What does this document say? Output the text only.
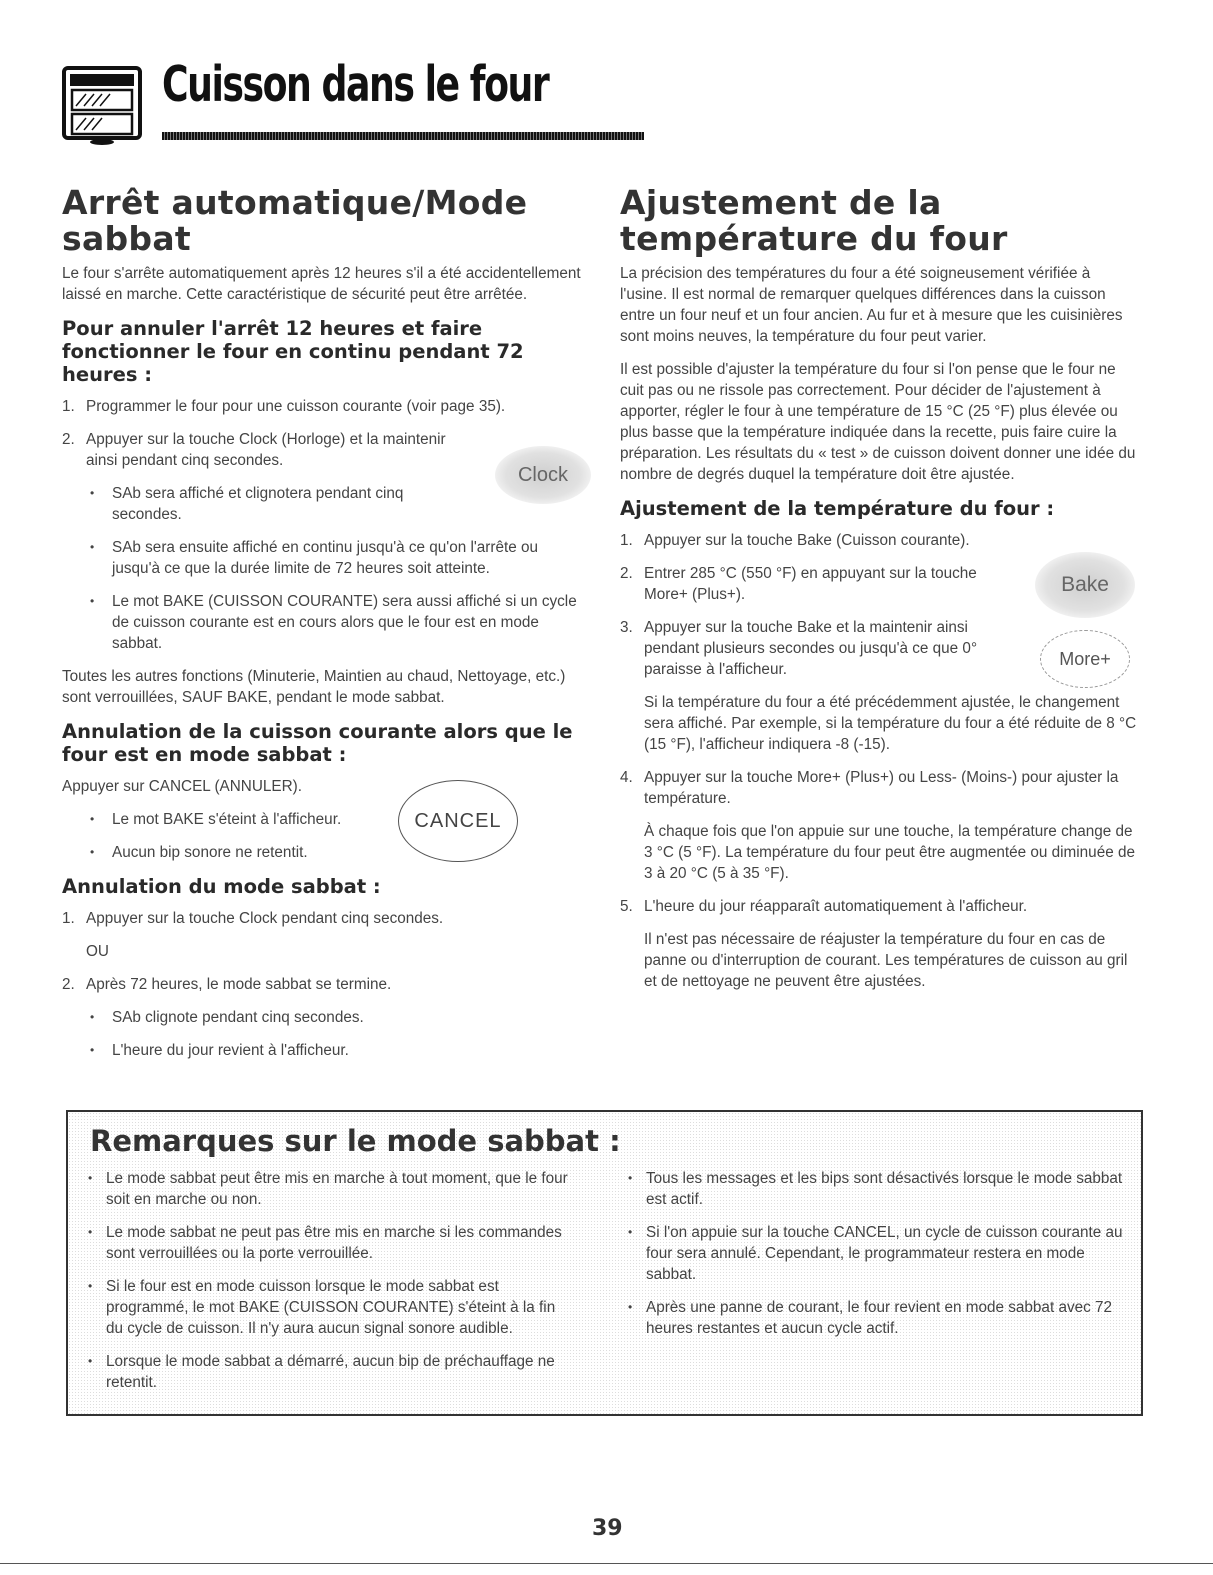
Cuisson dans le four
Arrêt automatique/Mode sabbat

Le four s'arrête automatiquement après 12 heures s'il a été accidentellement laissé en marche. Cette caractéristique de sécurité peut être arrêtée.

Pour annuler l'arrêt 12 heures et faire fonctionner le four en continu pendant 72 heures :
1. Programmer le four pour une cuisson courante (voir page 35).
2. Appuyer sur la touche Clock (Horloge) et la maintenir ainsi pendant cinq secondes.
• SAb sera affiché et clignotera pendant cinq secondes.
• SAb sera ensuite affiché en continu jusqu'à ce qu'on l'arrête ou jusqu'à ce que la durée limite de 72 heures soit atteinte.
• Le mot BAKE (CUISSON COURANTE) sera aussi affiché si un cycle de cuisson courante est en cours alors que le four est en mode sabbat.

Toutes les autres fonctions (Minuterie, Maintien au chaud, Nettoyage, etc.) sont verrouillées, SAUF BAKE, pendant le mode sabbat.

Annulation de la cuisson courante alors que le four est en mode sabbat :

Appuyer sur CANCEL (ANNULER).

• Le mot BAKE s'éteint à l'afficheur.
• Aucun bip sonore ne retentit.
Annulation du mode sabbat :
1. Appuyer sur la touche Clock pendant cinq secondes.

OU

2. Après 72 heures, le mode sabbat se termine.
• SAb clignote pendant cinq secondes.
• L'heure du jour revient à l'afficheur.
Ajustement de la température du four

La précision des températures du four a été soigneusement vérifiée à l'usine. Il est normal de remarquer quelques différences dans la cuisson entre un four neuf et un four ancien. Au fur et à mesure que les cuisinières sont moins neuves, la température du four peut varier.

Il est possible d'ajuster la température du four si l'on pense que le four ne cuit pas ou ne rissole pas correctement. Pour décider de l'ajustement à apporter, régler le four à une température de 15 °C (25 °F) plus élevée ou plus basse que la température indiquée dans la recette, puis faire cuire la préparation. Les résultats du « test » de cuisson doivent donner une idée du nombre de degrés duquel la température doit être ajustée.

Ajustement de la température du four :
1. Appuyer sur la touche Bake (Cuisson courante).
2. Entrer 285 °C (550 °F) en appuyant sur la touche More+ (Plus+).
3. Appuyer sur la touche Bake et la maintenir ainsi pendant plusieurs secondes ou jusqu'à ce que 0° paraisse à l'afficheur.

Si la température du four a été précédemment ajustée, le changement sera affiché. Par exemple, si la température du four a été réduite de 8 °C (15 °F), l'afficheur indiquera -8 (-15).

4. Appuyer sur la touche More+ (Plus+) ou Less- (Moins-) pour ajuster la température.

À chaque fois que l'on appuie sur une touche, la température change de 3 °C (5 °F). La température du four peut être augmentée ou diminuée de 3 à 20 °C (5 à 35 °F).

5. L'heure du jour réapparaît automatiquement à l'afficheur.

Il n'est pas nécessaire de réajuster la température du four en cas de panne ou d'interruption de courant. Les températures de cuisson au gril et de nettoyage ne peuvent être ajustées.

Clock
Bake
More+
CANCEL
Remarques sur le mode sabbat :
• Le mode sabbat peut être mis en marche à tout moment, que le four soit en marche ou non.
• Le mode sabbat ne peut pas être mis en marche si les commandes sont verrouillées ou la porte verrouillée.
• Si le four est en mode cuisson lorsque le mode sabbat est programmé, le mot BAKE (CUISSON COURANTE) s'éteint à la fin du cycle de cuisson. Il n'y aura aucun signal sonore audible.
• Lorsque le mode sabbat a démarré, aucun bip de préchauffage ne retentit.
• Tous les messages et les bips sont désactivés lorsque le mode sabbat est actif.
• Si l'on appuie sur la touche CANCEL, un cycle de cuisson courante au four sera annulé. Cependant, le programmateur restera en mode sabbat.
• Après une panne de courant, le four revient en mode sabbat avec 72 heures restantes et aucun cycle actif.

39
